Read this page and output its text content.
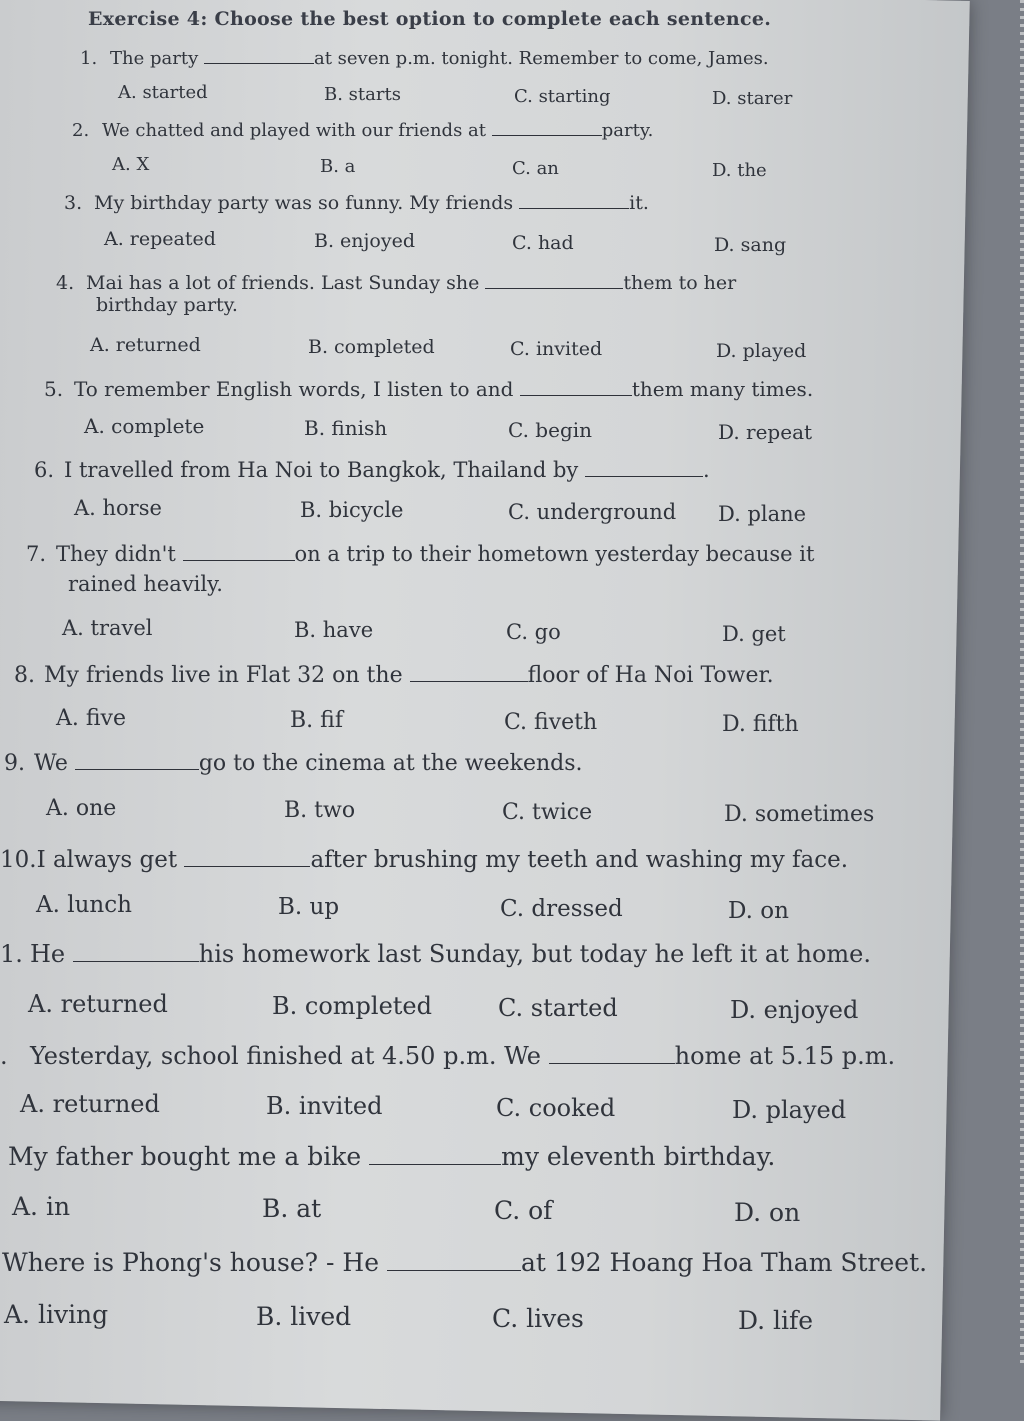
Exercise 4: Choose the best option to complete each sentence.
1. The party	at seven p.m. tonight. Remember to come, James.
A. started	B. starts	C. starting	D. starer
2. We chatted and played with our friends at	party.
A. X	B. a	C. an	D. the
3. My birthday party was so funny. My friends	it.
A. repeated	B. enjoyed	C. had	D. sang
4. Mai has a lot of friends. Last Sunday she	them to her
birthday party.
A. returned	B. completed	C. invited	D. played
5. To remember English words, I listen to and	them many times.
A. complete	B. finish	C. begin	D. repeat
6. I travelled from Ha Noi to Bangkok, Thailand by	.
A. horse	B. bicycle	C. underground D. plane
7. They didn't	on a trip to their hometown yesterday because it
rained heavily.
A. travel	B. have	C. go	D. get
8. My friends live in Flat 32 on the	floor of Ha Noi Tower.
A. five	B. fif	C. fiveth	D. fifth
9. We	go to the cinema at the weekends.
A. one	B. two	C. twice	D. sometimes
10.I always get	after brushing my teeth and washing my face.
A. lunch	B. up	C. dressed	D. on
1. He	his homework last Sunday, but today he left it at home.
A. returned	B. completed	C. started	D. enjoyed
. Yesterday, school finished at 4.50 p.m. We	home at 5.15 p.m.
A. returned	B. invited	C. cooked	D. played
My father bought me a bike	my eleventh birthday.
A. in	B. at	C. of	D. on
Where is Phong's house? - He	at 192 Hoang Hoa Tham Street.
A. living	B. lived	C. lives	D. life
